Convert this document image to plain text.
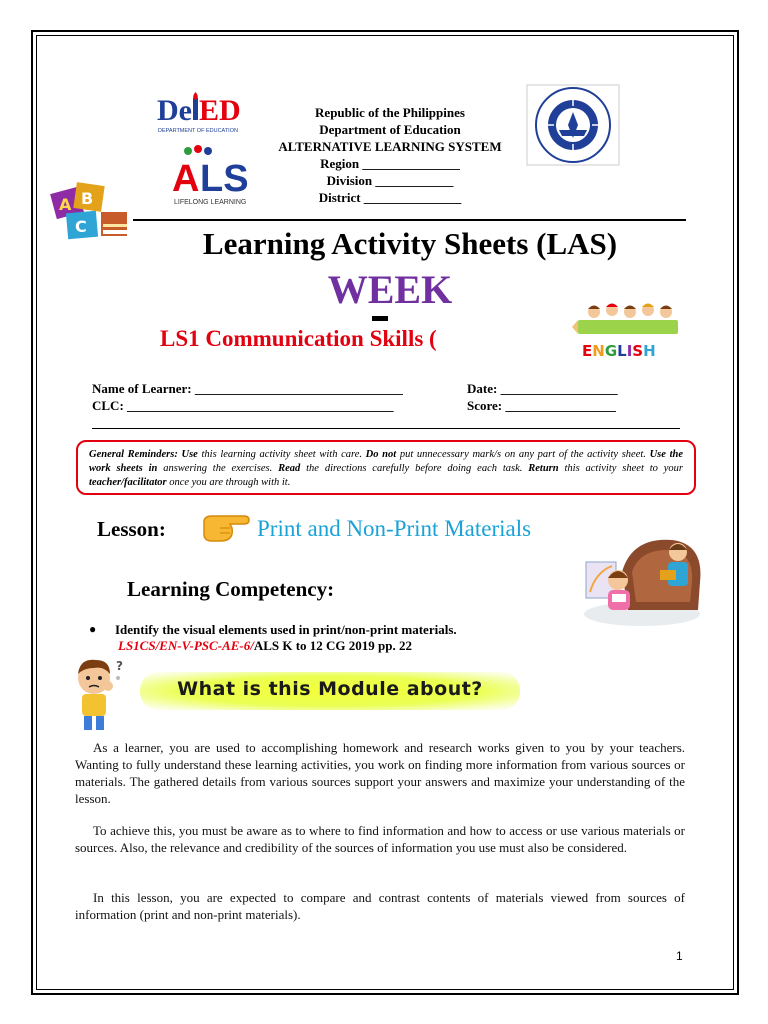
De ED
DEPARTMENT OF EDUCATION
A LS
LIFELONG LEARNING
Republic of the Philippines
Department of Education
ALTERNATIVE LEARNING SYSTEM
Region _______________
Division ____________
District _______________
A B
C	Learning Activity Sheets (LAS)
WEEK
LS1 Communication Skills (	ENGLISH
Name of Learner: ________________________________	Date: __________________
CLC: _________________________________________	Score: _________________
General Reminders: Use this learning activity sheet with care. Do not put unnecessary mark/s on any part of the activity sheet. Use the work sheets in answering the exercises. Read the directions carefully before doing each task. Return this activity sheet to your teacher/facilitator once you are through with it.
Lesson:	Print and Non-Print Materials
Learning Competency:
● Identify the visual elements used in print/non-print materials.
LS1CS/EN-V-PSC-AE-6/ALS K to 12 CG 2019 pp. 22
?
What is this Module about?
As a learner, you are used to accomplishing homework and research works given to you by your teachers. Wanting to fully understand these learning activities, you work on finding more information from various sources or materials. The gathered details from various sources support your answers and maximize your understanding of the lesson.
To achieve this, you must be aware as to where to find information and how to access or use various materials or sources. Also, the relevance and credibility of the sources of information you use must also be considered.
In this lesson, you are expected to compare and contrast contents of materials viewed from sources of information (print and non-print materials).
1
